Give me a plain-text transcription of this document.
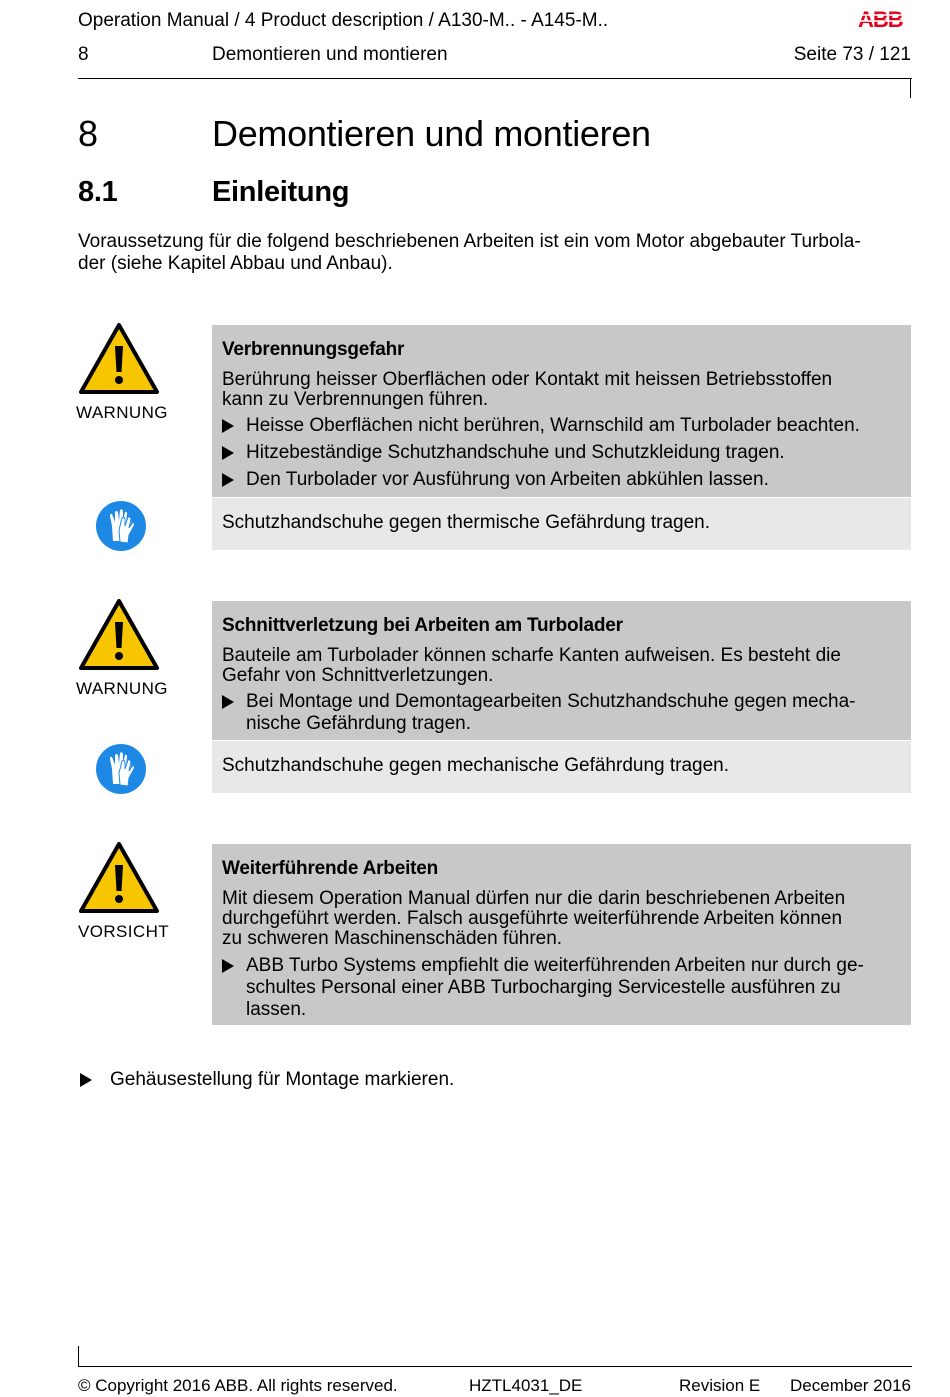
Operation Manual / 4 Product description / A130-M.. - A145-M..	ABB
8	Demontieren und montieren	Seite 73 / 121
8	Demontieren und montieren
8.1	Einleitung
Voraussetzung für die folgend beschriebenen Arbeiten ist ein vom Motor abgebauter Turbola-
der (siehe Kapitel Abbau und Anbau).
WARNUNG
Verbrennungsgefahr
Berührung heisser Oberflächen oder Kontakt mit heissen Betriebsstoffen
kann zu Verbrennungen führen.
Heisse Oberflächen nicht berühren, Warnschild am Turbolader beachten.
Hitzebeständige Schutzhandschuhe und Schutzkleidung tragen.
Den Turbolader vor Ausführung von Arbeiten abkühlen lassen.
Schutzhandschuhe gegen thermische Gefährdung tragen.
WARNUNG
Schnittverletzung bei Arbeiten am Turbolader
Bauteile am Turbolader können scharfe Kanten aufweisen. Es besteht die
Gefahr von Schnittverletzungen.
Bei Montage und Demontagearbeiten Schutzhandschuhe gegen mecha-
nische Gefährdung tragen.
Schutzhandschuhe gegen mechanische Gefährdung tragen.
VORSICHT
Weiterführende Arbeiten
Mit diesem Operation Manual dürfen nur die darin beschriebenen Arbeiten
durchgeführt werden. Falsch ausgeführte weiterführende Arbeiten können
zu schweren Maschinenschäden führen.
ABB Turbo Systems empfiehlt die weiterführenden Arbeiten nur durch ge-
schultes Personal einer ABB Turbocharging Servicestelle ausführen zu
lassen.
Gehäusestellung für Montage markieren.
© Copyright 2016 ABB. All rights reserved.	HZTL4031_DE	Revision E December 2016
